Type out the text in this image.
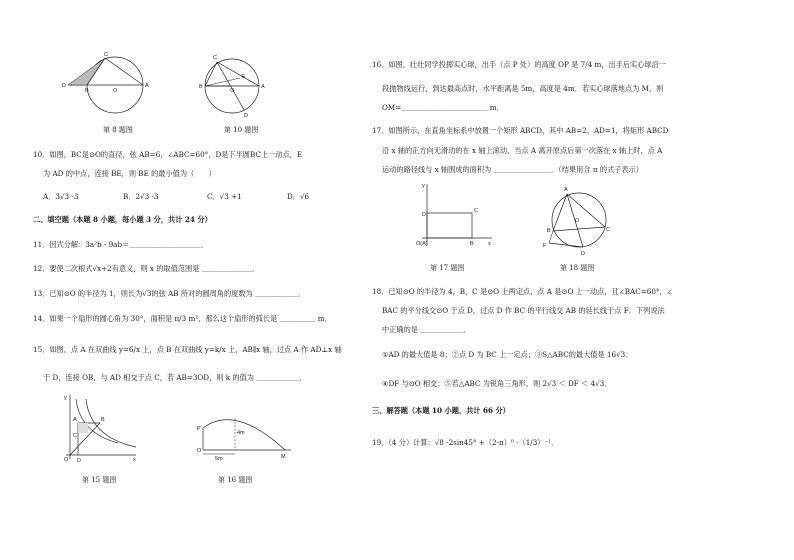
D
B	O
C
A
第 8 题图
C
E
B
O
A
D
第 10 题图
10．如图，BC是⊙O的直径，弦 AB=6，∠ABC=60°，D是下半圆BC上一动点，E
为 AD 的中点，连接 BE，则 BE 的最小值为（　　）
A．3√3 -3	B．2√3 -3	C．√3 +1	D．√6
二、填空题（本题 8 小题，每小题 3 分，共计 24 分）
11．因式分解：3a²b - 9ab＝＿＿＿＿＿＿＿＿＿＿．
12．要使二次根式√x+2有意义，则 x 的取值范围是 ＿＿＿＿＿＿＿．
13．已知⊙O 的半径为 1，则长为√3的弦 AB 所对的圆周角的度数为 ＿＿＿＿＿＿．
14．如果一个扇形的圆心角为 30°，面积是 π/3 m²，那么这个扇形的弧长是 ＿＿＿＿＿ m．
15．如图，点 A 在双曲线 y=6/x 上，点 B 在双曲线 y=k/x 上，AB∥x 轴，过点 A 作 AD⊥x 轴
于 D，连接 OB，与 AD 相交于点 C，若 AB=3OD，则 k 的值为 ＿＿＿＿＿＿．
y
A	B
C
O D	x
第 15 题图
P
4m
O
5m	M
第 16 题图
16．如图，壮壮同学投掷实心球，出手（点 P 处）的高度 OP 是 7/4 m，出手后实心球沿一
段抛物线运行，到达最高点时，水平距离是 5m，高度是 4m．若实心球落地点为 M，则
OM=＿＿＿＿＿＿＿＿＿＿＿＿ m．
17．如图所示，在直角坐标系中放置一个矩形 ABCD，其中 AB=2，AD=1，将矩形 ABCD
沿 x 轴的正方向无滑动的在 x 轴上滚动，当点 A 离开原点后第一次落在 x 轴上时，点 A
运动的路径线与 x 轴围成的面积为 ＿＿＿＿＿＿＿＿．（结果用含 π 的式子表示）
y
D
C
O(A)	B	x
第 17 题图
A
O
B	C
F
D
第 18 题图
18．已知⊙O 的半径为 4，B，C 是⊙O 上两定点，点 A 是⊙O 上一动点，且∠BAC=60°，∠
BAC 的平分线交⊙O 于点 D，过点 D 作 BC 的平行线交 AB 的延长线于点 F．下列说法
中正确的是 ＿＿＿＿＿＿．
①AD 的最大值是 8；②点 D 为 BC 上一定点；③S△ABC的最大值是 16√3；
④DF 与⊙O 相交；⑤若△ABC 为锐角三角形，则 2√3 ＜ DF ＜ 4√3．
三、解答题（本题 10 小题，共计 66 分）
19．（4 分）计算：√8 -2sin45° +（2-π）⁰ -（1/3）⁻¹．
